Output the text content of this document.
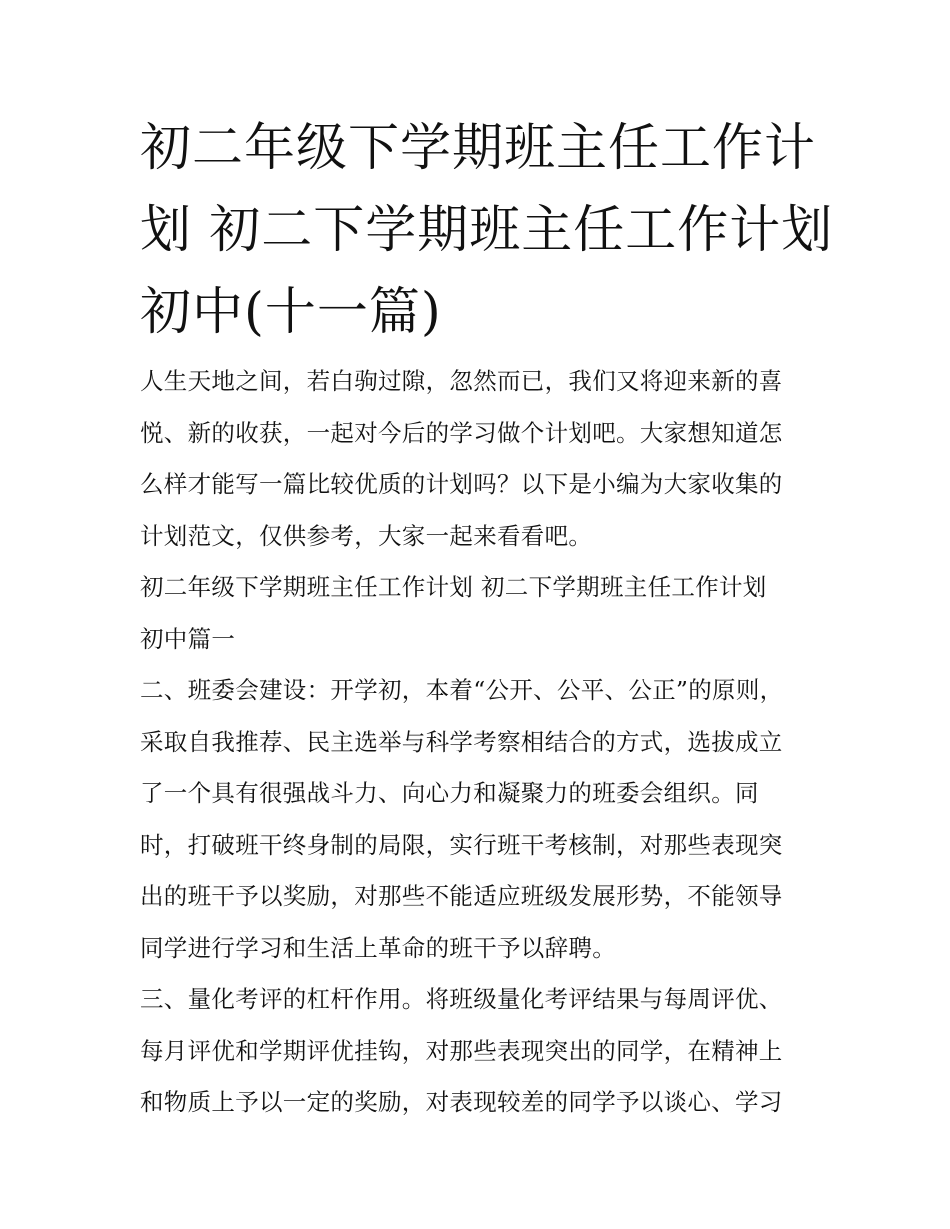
初二年级下学期班主任工作计
划 初二下学期班主任工作计划
初中(十一篇)
人生天地之间，若白驹过隙，忽然而已，我们又将迎来新的喜
悦、新的收获，一起对今后的学习做个计划吧。大家想知道怎
么样才能写一篇比较优质的计划吗？以下是小编为大家收集的
计划范文，仅供参考，大家一起来看看吧。
初二年级下学期班主任工作计划 初二下学期班主任工作计划
初中篇一
二、班委会建设：开学初，本着“公开、公平、公正”的原则，
采取自我推荐、民主选举与科学考察相结合的方式，选拔成立
了一个具有很强战斗力、向心力和凝聚力的班委会组织。同
时，打破班干终身制的局限，实行班干考核制，对那些表现突
出的班干予以奖励，对那些不能适应班级发展形势，不能领导
同学进行学习和生活上革命的班干予以辞聘。
三、量化考评的杠杆作用。将班级量化考评结果与每周评优、
每月评优和学期评优挂钩，对那些表现突出的同学，在精神上
和物质上予以一定的奖励，对表现较差的同学予以谈心、学习
